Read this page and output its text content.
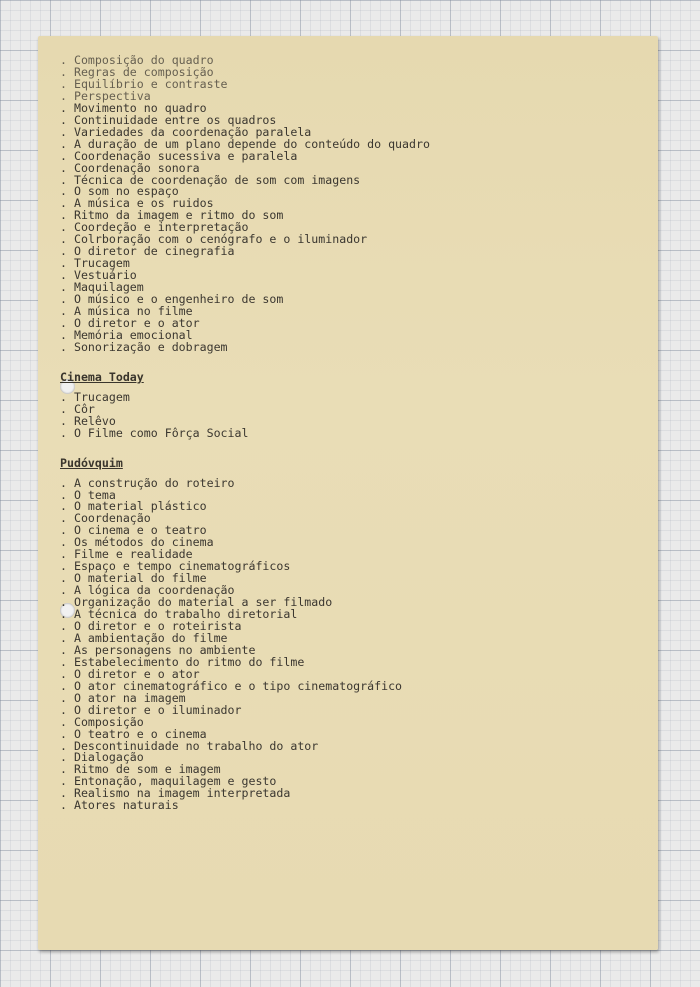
. Composição do quadro
. Regras de composição
. Equilíbrio e contraste
. Perspectiva
. Movimento no quadro
. Continuidade entre os quadros
. Variedades da coordenação paralela
. A duração de um plano depende do conteúdo do quadro
. Coordenação sucessiva e paralela
. Coordenação sonora
. Técnica de coordenação de som com imagens
. O som no espaço
. A música e os ruidos
. Ritmo da imagem e ritmo do som
. Coordeção e interpretação
. Colrboração com o cenógrafo e o iluminador
. O diretor de cinegrafia
. Trucagem
. Vestuário
. Maquilagem
. O músico e o engenheiro de som
. A música no filme
. O diretor e o ator
. Memória emocional
. Sonorização e dobragem
Cinema Today
. Trucagem
. Côr
. Relêvo
. O Filme como Fôrça Social
Pudóvquim
. A construção do roteiro
. O tema
. O material plástico
. Coordenação
. O cinema e o teatro
. Os métodos do cinema
. Filme e realidade
. Espaço e tempo cinematográficos
. O material do filme
. A lógica da coordenação
. Organização do material a ser filmado
. A técnica do trabalho diretorial
. O diretor e o roteirista
. A ambientação do filme
. As personagens no ambiente
. Estabelecimento do ritmo do filme
. O diretor e o ator
. O ator cinematográfico e o tipo cinematográfico
. O ator na imagem
. O diretor e o iluminador
. Composição
. O teatro e o cinema
. Descontinuidade no trabalho do ator
. Dialogação
. Ritmo de som e imagem
. Entonação, maquilagem e gesto
. Realismo na imagem interpretada
. Atores naturais
